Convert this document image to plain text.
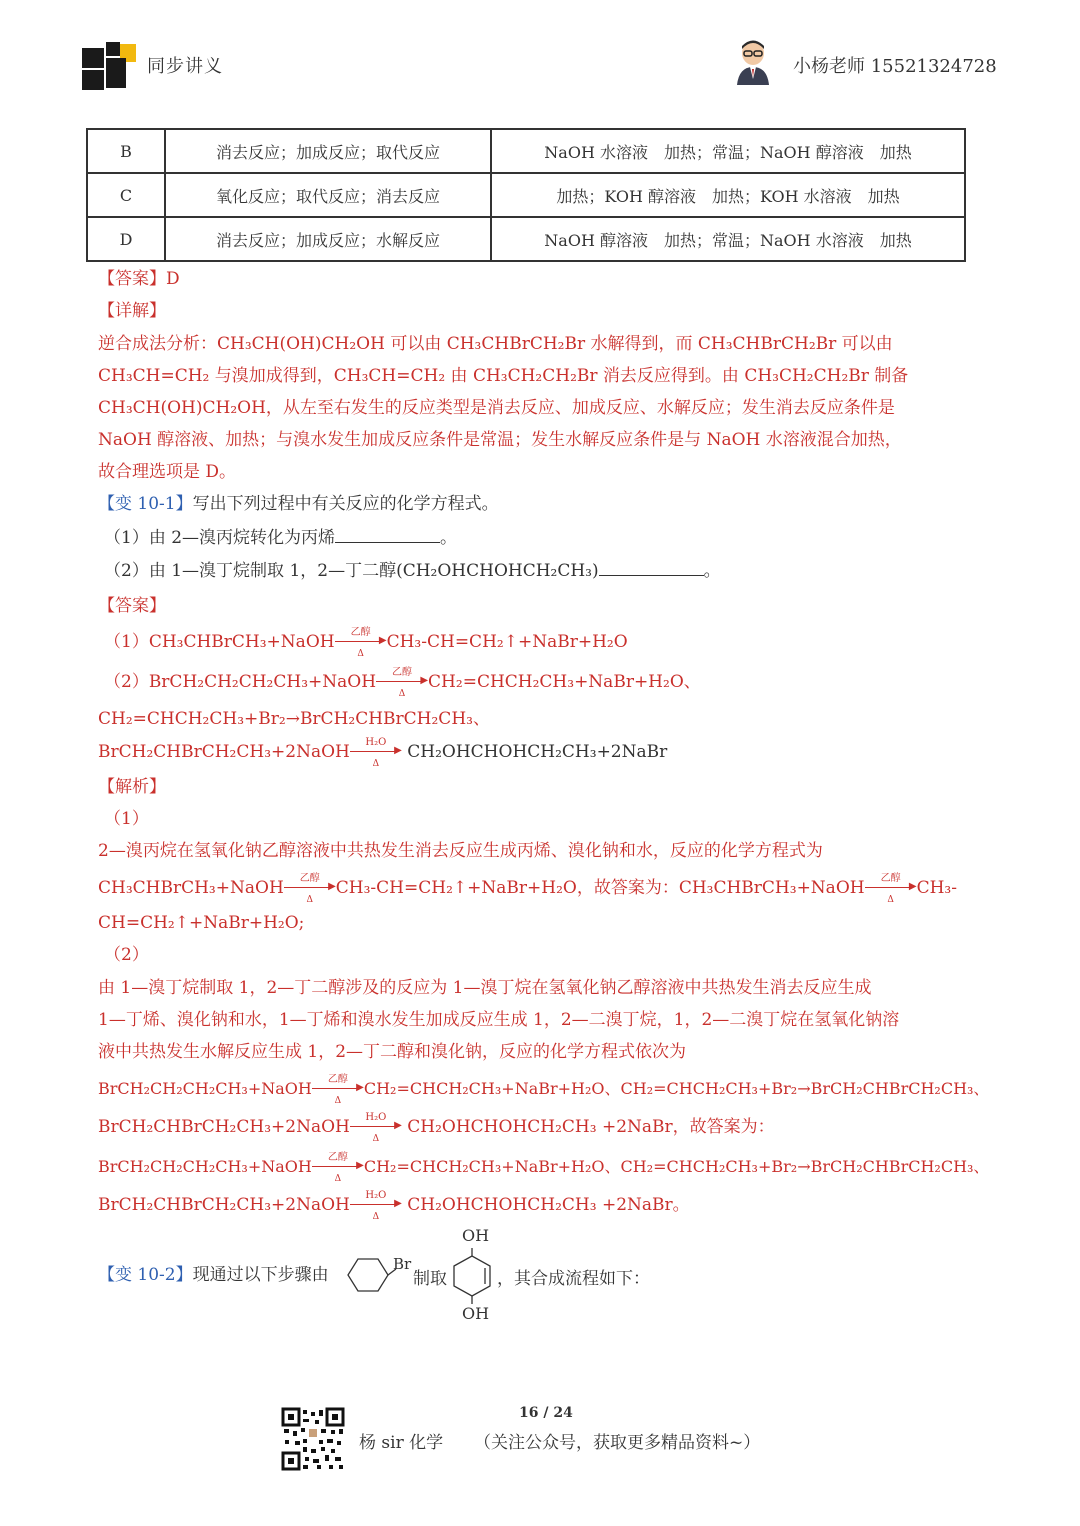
同步讲义	小杨老师 15521324728
B	消去反应；加成反应；取代反应	NaOH 水溶液　加热；常温；NaOH 醇溶液　加热
C	氧化反应；取代反应；消去反应	加热；KOH 醇溶液　加热；KOH 水溶液　加热
D	消去反应；加成反应；水解反应	NaOH 醇溶液　加热；常温；NaOH 水溶液　加热
【答案】D
【详解】
逆合成法分析：CH₃CH(OH)CH₂OH 可以由 CH₃CHBrCH₂Br 水解得到，而 CH₃CHBrCH₂Br 可以由
CH₃CH=CH₂ 与溴加成得到，CH₃CH=CH₂ 由 CH₃CH₂CH₂Br 消去反应得到。由 CH₃CH₂CH₂Br 制备
CH₃CH(OH)CH₂OH，从左至右发生的反应类型是消去反应、加成反应、水解反应；发生消去反应条件是
NaOH 醇溶液、加热；与溴水发生加成反应条件是常温；发生水解反应条件是与 NaOH 水溶液混合加热，
故合理选项是 D。
【变 10-1】写出下列过程中有关反应的化学方程式。
（1）由 2—溴丙烷转化为丙烯	。
（2）由 1—溴丁烷制取 1，2—丁二醇(CH₂OHCHOHCH₂CH₃)	。
【答案】
（1）CH₃CHBrCH₃+NaOH	乙醇
▶
Δ
CH₃-CH=CH₂↑+NaBr+H₂O
（2）BrCH₂CH₂CH₂CH₃+NaOH	乙醇
▶
Δ
CH₂=CHCH₂CH₃+NaBr+H₂O、
CH₂=CHCH₂CH₃+Br₂→BrCH₂CHBrCH₂CH₃、
BrCH₂CHBrCH₂CH₃+2NaOH	H₂O
▶
Δ
CH₂OHCHOHCH₂CH₃+2NaBr
【解析】
（1）
2—溴丙烷在氢氧化钠乙醇溶液中共热发生消去反应生成丙烯、溴化钠和水，反应的化学方程式为
CH₃CHBrCH₃+NaOH	乙醇
▶
Δ
CH₃-CH=CH₂↑+NaBr+H₂O，故答案为：CH₃CHBrCH₃+NaOH	乙醇
▶
Δ
CH₃-
CH=CH₂↑+NaBr+H₂O;
（2）
由 1—溴丁烷制取 1，2—丁二醇涉及的反应为 1—溴丁烷在氢氧化钠乙醇溶液中共热发生消去反应生成
1—丁烯、溴化钠和水，1—丁烯和溴水发生加成反应生成 1，2—二溴丁烷，1，2—二溴丁烷在氢氧化钠溶
液中共热发生水解反应生成 1，2—丁二醇和溴化钠，反应的化学方程式依次为
BrCH₂CH₂CH₂CH₃+NaOH	乙醇
▶
Δ
CH₂=CHCH₂CH₃+NaBr+H₂O、CH₂=CHCH₂CH₃+Br₂→BrCH₂CHBrCH₂CH₃、
BrCH₂CHBrCH₂CH₃+2NaOH	H₂O
▶
Δ
CH₂OHCHOHCH₂CH₃ +2NaBr，故答案为：
BrCH₂CH₂CH₂CH₃+NaOH	乙醇
▶
Δ
CH₂=CHCH₂CH₃+NaBr+H₂O、CH₂=CHCH₂CH₃+Br₂→BrCH₂CHBrCH₂CH₃、
BrCH₂CHBrCH₂CH₃+2NaOH	H₂O
▶
Δ
CH₂OHCHOHCH₂CH₃ +2NaBr。
【变 10-2】现通过以下步骤由
Br
制取
OH
OH
，其合成流程如下：
16 / 24
杨 sir 化学 （关注公众号，获取更多精品资料~）
